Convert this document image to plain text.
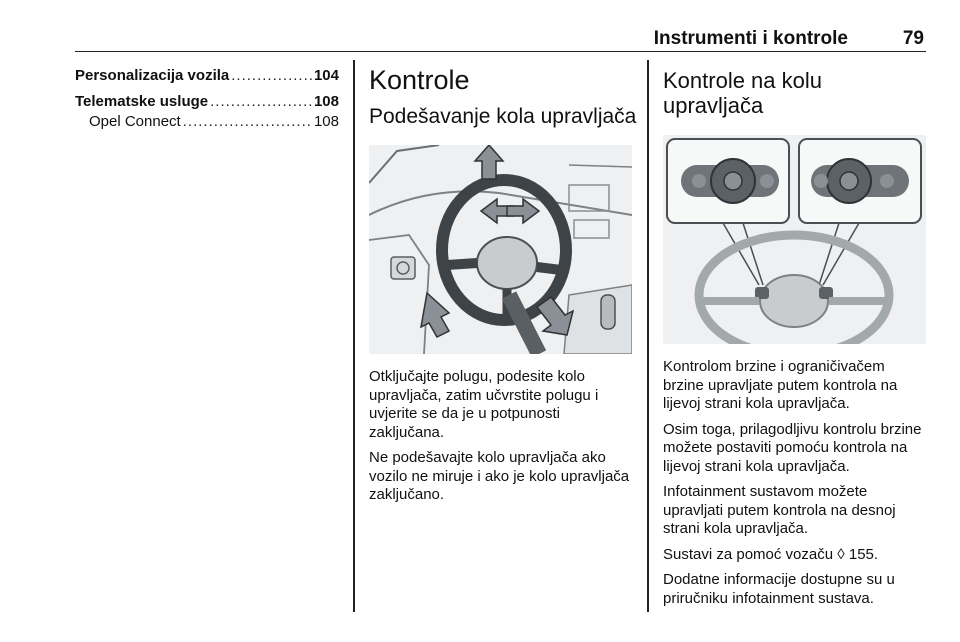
Instrumenti i kontrole	79
Personalizacija vozila .....	104
Telematske usluge .....	108
Opel Connect .....	108
Kontrole
Podešavanje kola upravljača

Otključajte polugu, podesite kolo upravljača, zatim učvrstite polugu i uvjerite se da je u potpunosti zaključana.

Ne podešavajte kolo upravljača ako vozilo ne miruje i ako je kolo upravljača zaključano.

Kontrole na kolu upravljača

Kontrolom brzine i ograničivačem brzine upravljate putem kontrola na lijevoj strani kola upravljača.

Osim toga, prilagodljivu kontrolu brzine možete postaviti pomoću kontrola na lijevoj strani kola upravljača.

Infotainment sustavom možete upravljati putem kontrola na desnoj strani kola upravljača.

Sustavi za pomoć vozaču ◊ 155.

Dodatne informacije dostupne su u priručniku infotainment sustava.
